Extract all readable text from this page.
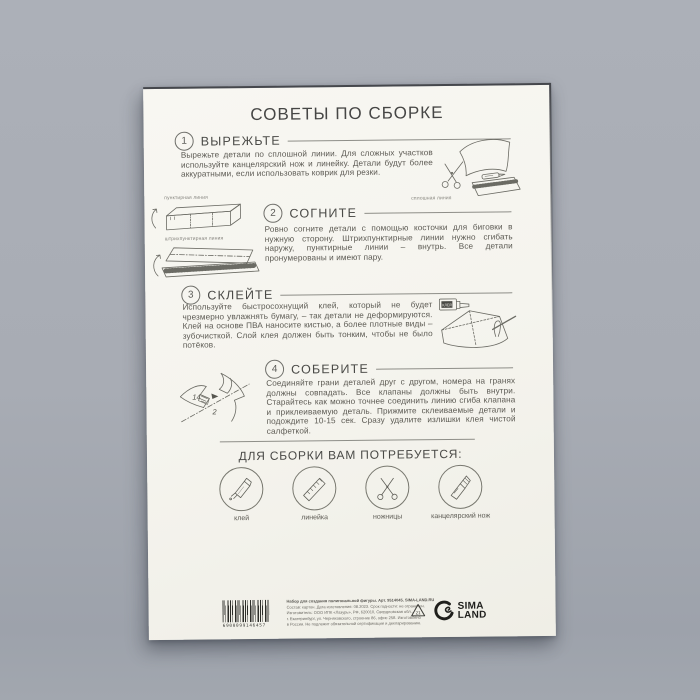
СОВЕТЫ ПО СБОРКЕ
1	ВЫРЕЖЬТЕ
Вырежьте детали по сплошной линии. Для сложных участков используйте канцелярский нож и линейку. Детали будут более аккуратными, если использовать коврик для резки.
пунктирная линия	сплошная линия
2	СОГНИТЕ
Ровно согните детали с помощью косточки для биговки в нужную сторону. Штрихпунктирные линии нужно сгибать наружу, пунктирные линии – внутрь. Все детали пронумерованы и имеют пару.
штрихпунктирная линия
3	СКЛЕЙТЕ
Используйте быстросохнущий клей, который не будет чрезмерно увлажнять бумагу, – так детали не деформируются. Клей на основе ПВА наносите кистью, а более плотные виды – зубочисткой. Слой клея должен быть тонким, чтобы не было потёков.
КЛЕЙ
4	СОБЕРИТЕ
Соединяйте грани деталей друг с другом, номера на гранях должны совпадать. Все клапаны должны быть внутри. Старайтесь как можно точнее соединить линию сгиба клапана и приклеиваемую деталь. Прижмите склеиваемые детали и подождите 10-15 сек. Сразу удалите излишки клея чистой салфеткой.
14
2
ДЛЯ СБОРКИ ВАМ ПОТРЕБУЕТСЯ:
клей	линейка	ножницы	канцелярский нож
6900099146457
Набор для создания полигональной фигуры. Арт. 9514045. SIMA-LAND.RU
Состав: картон. Дата изготовления: 08.2023. Срок годности: не ограничен.
Изготовитель: ООО ИПК «Лазурь», РФ, 620010, Свердловская обл.,
г. Екатеринбург, ул. Черняховского, строение 86, офис 258. Изготовлено
в России. Не подлежит обязательной сертификации и декларированию.
21
SIMA
LAND
